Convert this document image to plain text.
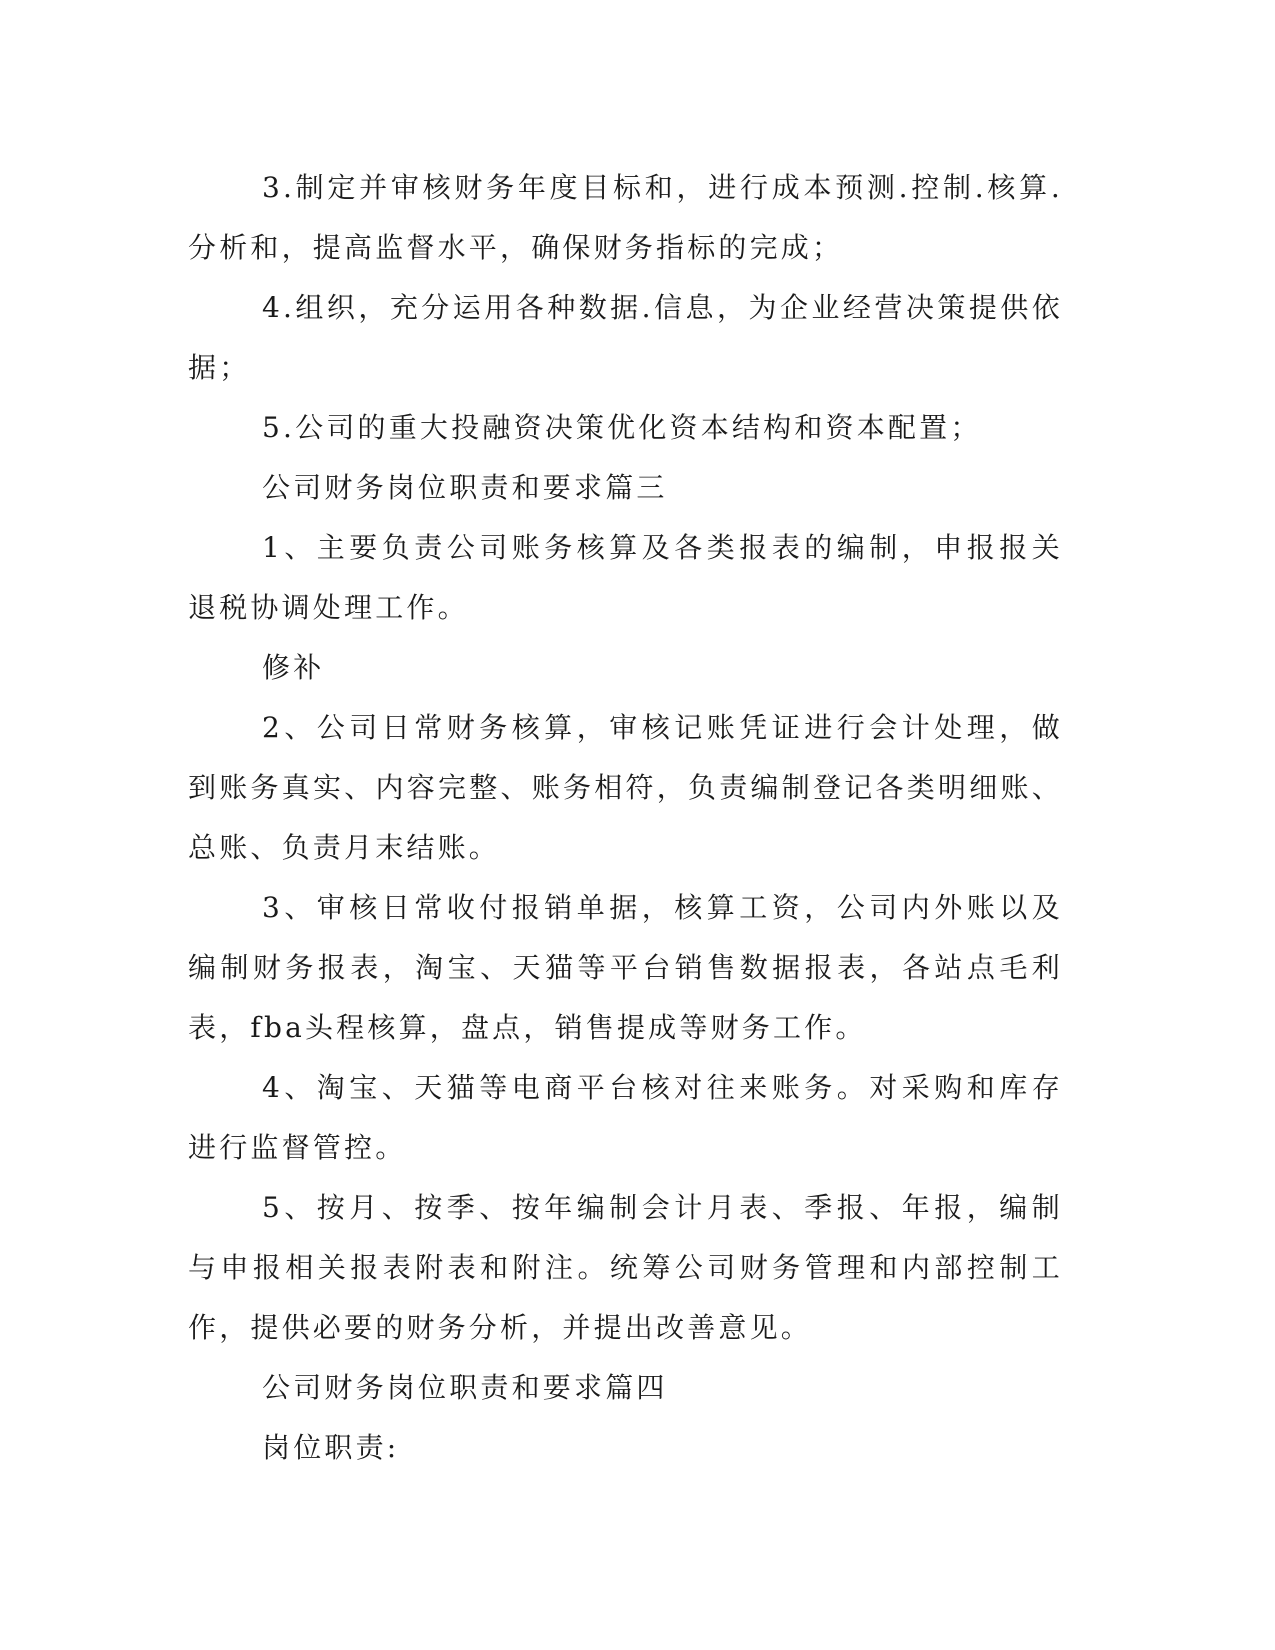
3.制定并审核财务年度目标和，进行成本预测.控制.核算.分析和，提高监督水平，确保财务指标的完成；

4.组织，充分运用各种数据.信息，为企业经营决策提供依据；

5.公司的重大投融资决策优化资本结构和资本配置；

公司财务岗位职责和要求篇三

1、主要负责公司账务核算及各类报表的编制，申报报关退税协调处理工作。

修补

2、公司日常财务核算，审核记账凭证进行会计处理，做到账务真实、内容完整、账务相符，负责编制登记各类明细账、总账、负责月末结账。

3、审核日常收付报销单据，核算工资，公司内外账以及编制财务报表，淘宝、天猫等平台销售数据报表，各站点毛利表，fba头程核算，盘点，销售提成等财务工作。

4、淘宝、天猫等电商平台核对往来账务。对采购和库存进行监督管控。

5、按月、按季、按年编制会计月表、季报、年报，编制与申报相关报表附表和附注。统筹公司财务管理和内部控制工作，提供必要的财务分析，并提出改善意见。

公司财务岗位职责和要求篇四

岗位职责:
